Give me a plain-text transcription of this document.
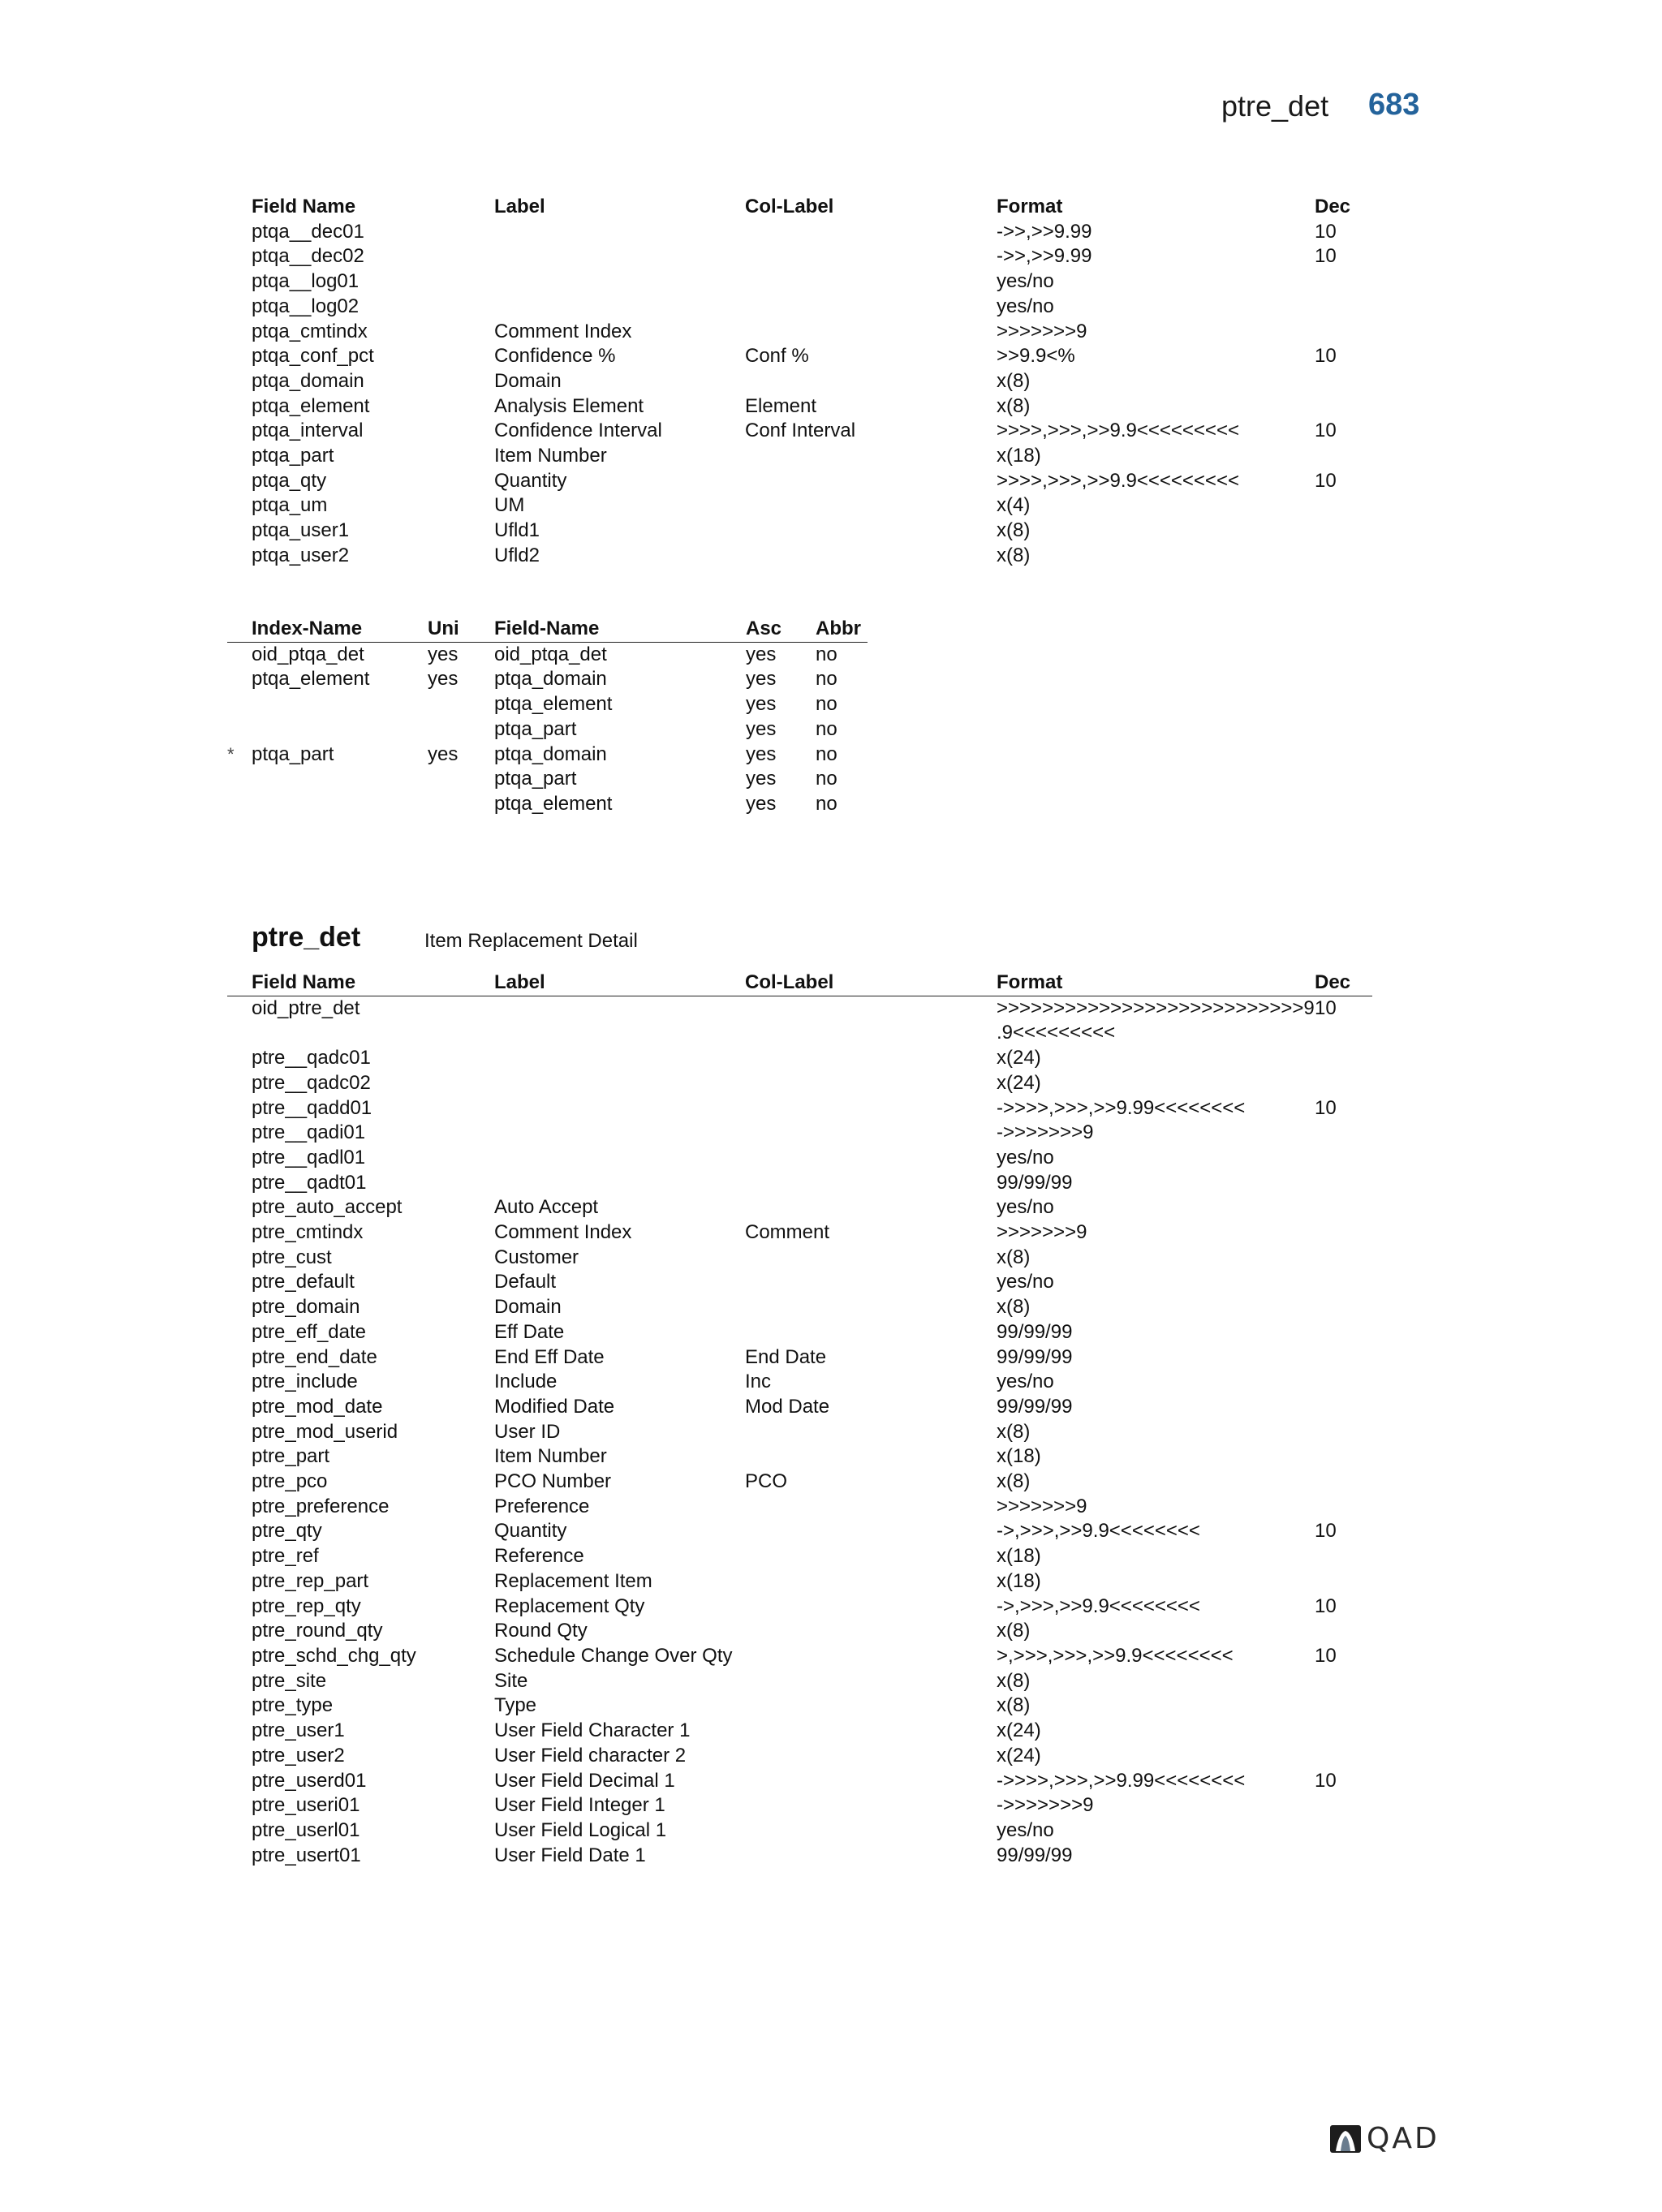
ptre_det 683
Field Name	Label	Col-Label	Format	Dec
ptqa__dec01			->>,>>9.99	10
ptqa__dec02			->>,>>9.99	10
ptqa__log01			yes/no	
ptqa__log02			yes/no	
ptqa_cmtindx	Comment Index		>>>>>>>9	
ptqa_conf_pct	Confidence %	Conf %	>>9.9<%	10
ptqa_domain	Domain		x(8)	
ptqa_element	Analysis Element	Element	x(8)	
ptqa_interval	Confidence Interval	Conf Interval	>>>>,>>>,>>9.9<<<<<<<<<	10
ptqa_part	Item Number		x(18)	
ptqa_qty	Quantity		>>>>,>>>,>>9.9<<<<<<<<<	10
ptqa_um	UM		x(4)	
ptqa_user1	Ufld1		x(8)	
ptqa_user2	Ufld2		x(8)	
Index-Name	Uni	Field-Name	Asc	Abbr

oid_ptqa_det	yes	oid_ptqa_det	yes	no

ptqa_element	yes	ptqa_domain	yes	no

		ptqa_element	yes	no

		ptqa_part	yes	no

* ptqa_part	yes	ptqa_domain	yes	no

		ptqa_part	yes	no

		ptqa_element	yes	no
ptre_det	Item Replacement Detail
Field Name	Label	Col-Label	Format	Dec
oid_ptre_det			>>>>>>>>>>>>>>>>>>>>>>>>>>>9
.9<<<<<<<<<	10
ptre__qadc01			x(24)	
ptre__qadc02			x(24)	
ptre__qadd01			->>>>,>>>,>>9.99<<<<<<<<	10
ptre__qadi01			->>>>>>>9	
ptre__qadl01			yes/no	
ptre__qadt01			99/99/99	
ptre_auto_accept	Auto Accept		yes/no	
ptre_cmtindx	Comment Index	Comment	>>>>>>>9	
ptre_cust	Customer		x(8)	
ptre_default	Default		yes/no	
ptre_domain	Domain		x(8)	
ptre_eff_date	Eff Date		99/99/99	
ptre_end_date	End Eff Date	End Date	99/99/99	
ptre_include	Include	Inc	yes/no	
ptre_mod_date	Modified Date	Mod Date	99/99/99	
ptre_mod_userid	User ID		x(8)	
ptre_part	Item Number		x(18)	
ptre_pco	PCO Number	PCO	x(8)	
ptre_preference	Preference		>>>>>>>9	
ptre_qty	Quantity		->,>>>,>>9.9<<<<<<<<	10
ptre_ref	Reference		x(18)	
ptre_rep_part	Replacement Item		x(18)	
ptre_rep_qty	Replacement Qty		->,>>>,>>9.9<<<<<<<<	10
ptre_round_qty	Round Qty		x(8)	
ptre_schd_chg_qty	Schedule Change Over Qty		>,>>>,>>>,>>9.9<<<<<<<<	10
ptre_site	Site		x(8)	
ptre_type	Type		x(8)	
ptre_user1	User Field Character 1		x(24)	
ptre_user2	User Field character 2		x(24)	
ptre_userd01	User Field Decimal 1		->>>>,>>>,>>9.99<<<<<<<<	10
ptre_useri01	User Field Integer 1		->>>>>>>9	
ptre_userl01	User Field Logical 1		yes/no	
ptre_usert01	User Field Date 1		99/99/99	
QAD
